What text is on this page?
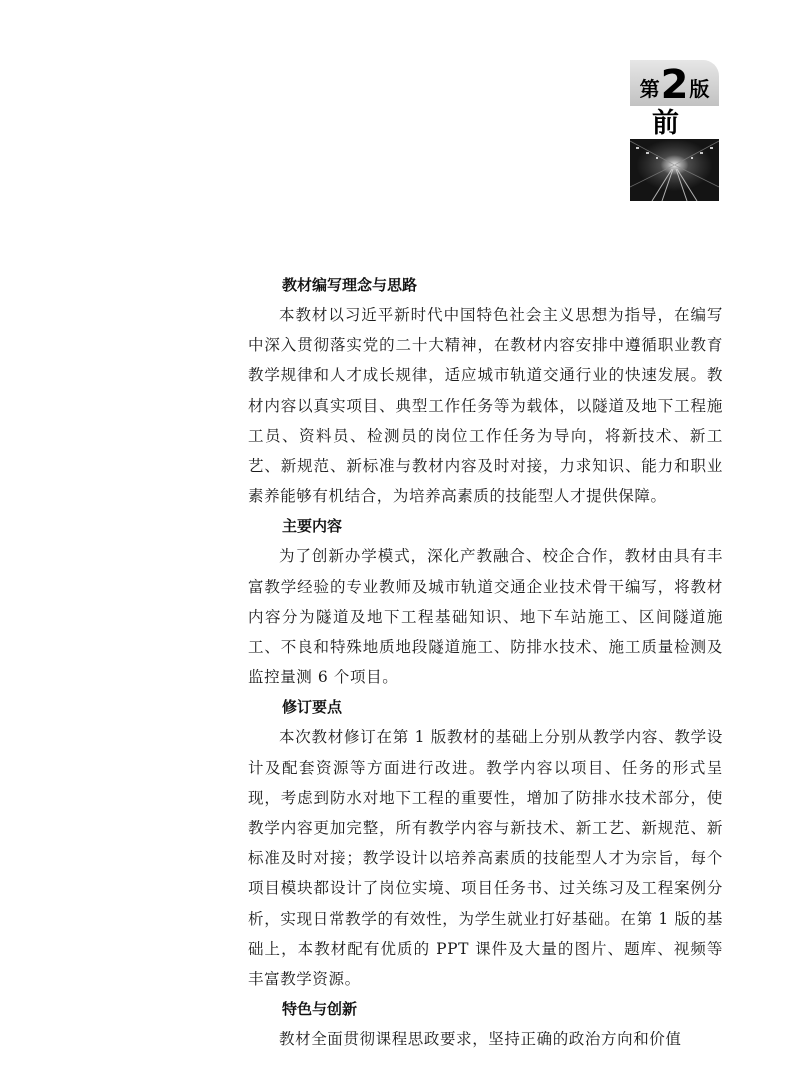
第 2 版
前
教材编写理念与思路

本教材以习近平新时代中国特色社会主义思想为指导，在编写中深入贯彻落实党的二十大精神，在教材内容安排中遵循职业教育教学规律和人才成长规律，适应城市轨道交通行业的快速发展。教材内容以真实项目、典型工作任务等为载体，以隧道及地下工程施工员、资料员、检测员的岗位工作任务为导向，将新技术、新工艺、新规范、新标准与教材内容及时对接，力求知识、能力和职业素养能够有机结合，为培养高素质的技能型人才提供保障。

主要内容

为了创新办学模式，深化产教融合、校企合作，教材由具有丰富教学经验的专业教师及城市轨道交通企业技术骨干编写，将教材内容分为隧道及地下工程基础知识、地下车站施工、区间隧道施工、不良和特殊地质地段隧道施工、防排水技术、施工质量检测及监控量测 6 个项目。

修订要点

本次教材修订在第 1 版教材的基础上分别从教学内容、教学设计及配套资源等方面进行改进。教学内容以项目、任务的形式呈现，考虑到防水对地下工程的重要性，增加了防排水技术部分，使教学内容更加完整，所有教学内容与新技术、新工艺、新规范、新标准及时对接；教学设计以培养高素质的技能型人才为宗旨，每个项目模块都设计了岗位实境、项目任务书、过关练习及工程案例分析，实现日常教学的有效性，为学生就业打好基础。在第 1 版的基础上，本教材配有优质的 PPT 课件及大量的图片、题库、视频等丰富教学资源。

特色与创新

教材全面贯彻课程思政要求，坚持正确的政治方向和价值
